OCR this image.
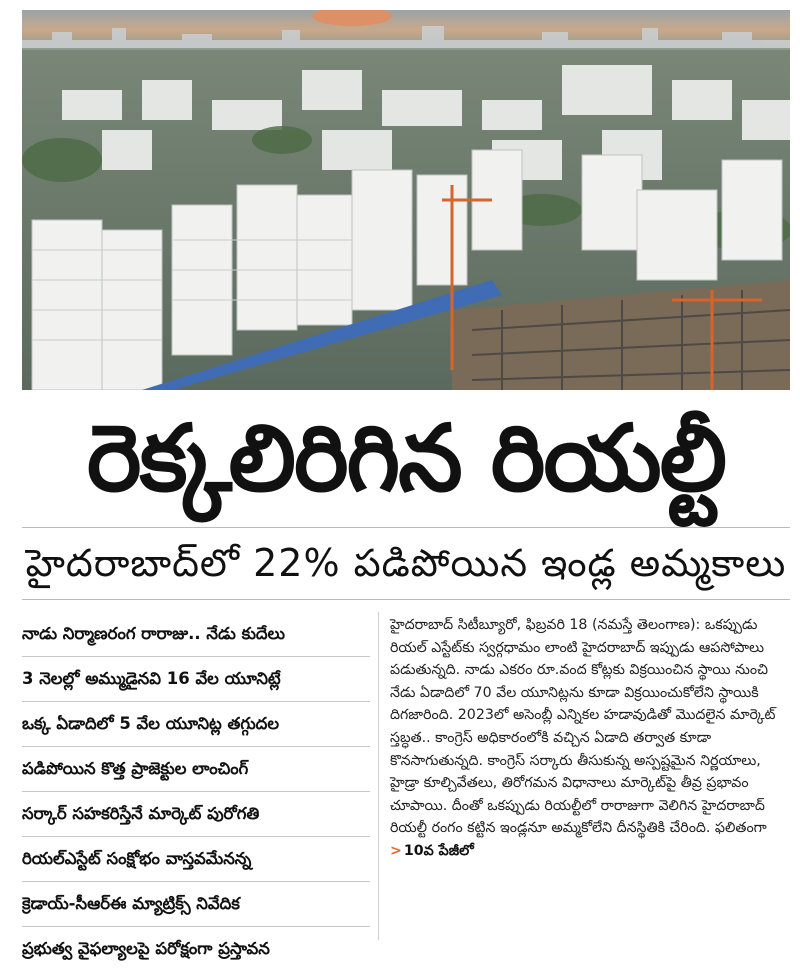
రెక్కలిరిగిన రియల్టీ
హైదరాబాద్‌లో 22% పడిపోయిన ఇండ్ల అమ్మకాలు
నాడు నిర్మాణరంగ రారాజు.. నేడు కుదేలు
3 నెలల్లో అమ్ముడైనవి 16 వేల యూనిట్లే
ఒక్క ఏడాదిలో 5 వేల యూనిట్ల తగ్గుదల
పడిపోయిన కొత్త ప్రాజెక్టుల లాంచింగ్
సర్కార్ సహకరిస్తేనే మార్కెట్ పురోగతి
రియల్‌ఎస్టేట్ సంక్షోభం వాస్తవమేనన్న
క్రెడాయ్-సీఆర్‌ఈ మ్యాట్రిక్స్ నివేదిక
ప్రభుత్వ వైఫల్యాలపై పరోక్షంగా ప్రస్తావన

హైదరాబాద్ సిటీబ్యూరో, ఫిబ్రవరి 18 (నమస్తే తెలంగాణ): ఒకప్పుడు రియల్ ఎస్టేట్‌కు స్వర్గధామం లాంటి హైదరాబాద్ ఇప్పుడు ఆపసోపాలు పడుతున్నది. నాడు ఎకరం రూ.వంద కోట్లకు విక్రయించిన స్థాయి నుంచి నేడు ఏడాదిలో 70 వేల యూనిట్లను కూడా విక్రయించుకోలేని స్థాయికి దిగజారింది. 2023లో అసెంబ్లీ ఎన్నికల హడావుడితో మొదలైన మార్కెట్ స్తబ్ధత.. కాంగ్రెస్ అధికారంలోకి వచ్చిన ఏడాది తర్వాత కూడా కొనసాగుతున్నది. కాంగ్రెస్ సర్కారు తీసుకున్న అస్పష్టమైన నిర్ణయాలు, హైడ్రా కూల్చివేతలు, తిరోగమన విధానాలు మార్కెట్‌పై తీవ్ర ప్రభావం చూపాయి. దీంతో ఒకప్పుడు రియల్టీలో రారాజుగా వెలిగిన హైదరాబాద్ రియల్టీ రంగం కట్టిన ఇండ్లనూ అమ్మకోలేని దీనస్థితికి చేరింది. ఫలితంగా > 10వ పేజీలో
